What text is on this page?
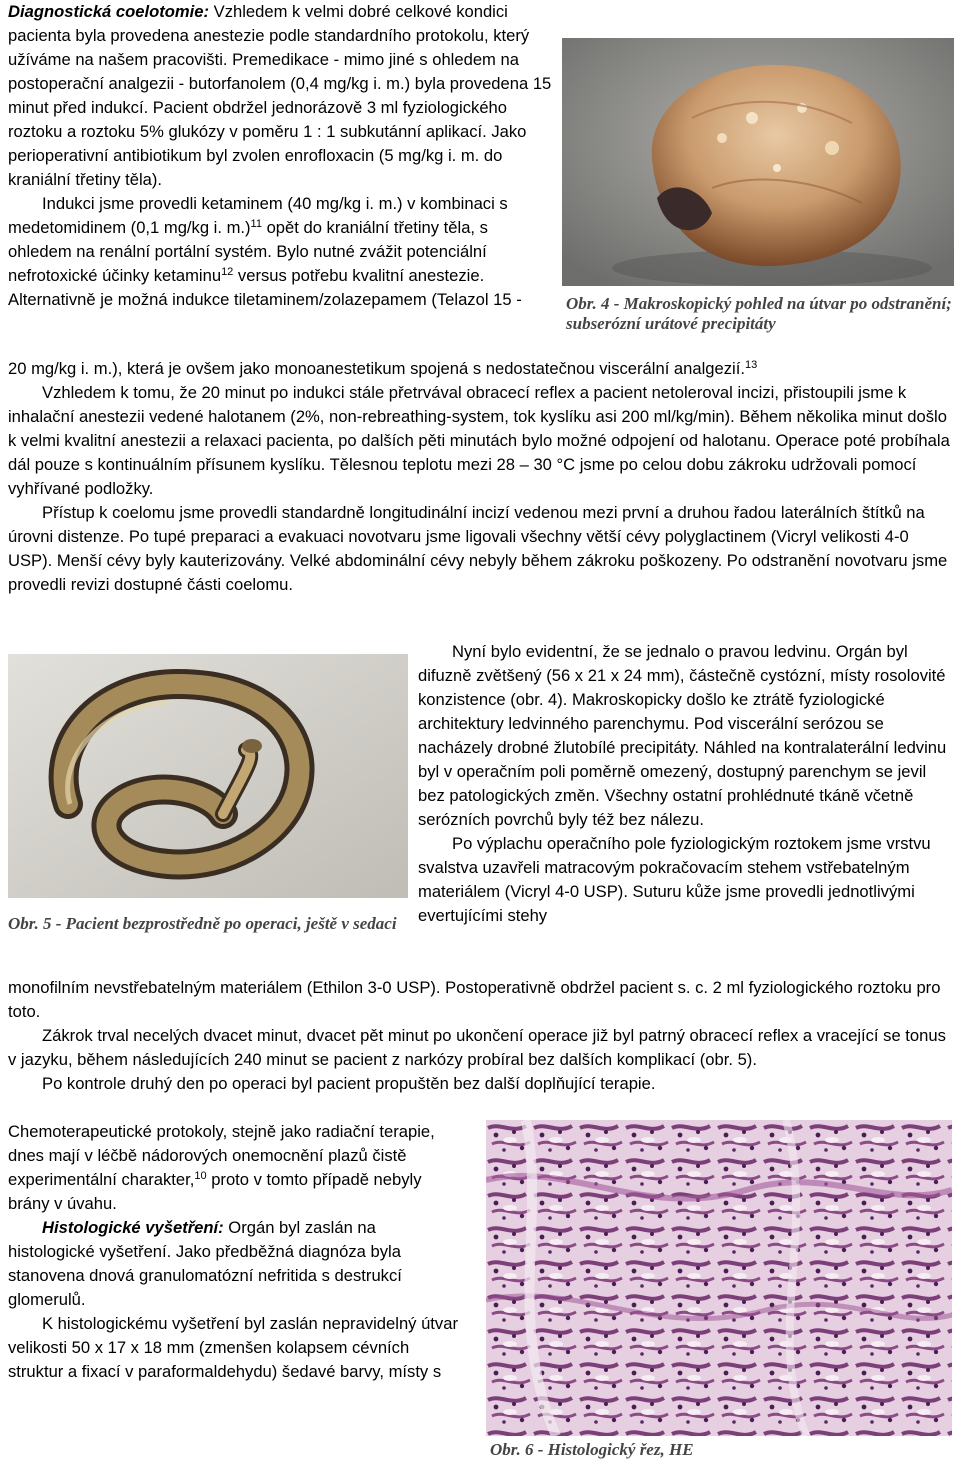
Diagnostická coelotomie: Vzhledem k velmi dobré celkové kondici pacienta byla provedena anestezie podle standardního protokolu, který užíváme na našem pracovišti. Premedikace - mimo jiné s ohledem na postoperační analgezii - butorfanolem (0,4 mg/kg i. m.) byla provedena 15 minut před indukcí. Pacient obdržel jednorázově 3 ml fyziologického roztoku a roztoku 5% glukózy v poměru 1 : 1 subkutánní aplikací. Jako perioperativní antibiotikum byl zvolen enrofloxacin (5 mg/kg i. m. do kraniální třetiny těla).

Indukci jsme provedli ketaminem (40 mg/kg i. m.) v kombinaci s medetomidinem (0,1 mg/kg i. m.)$^{11}$ opět do kraniální třetiny těla, s ohledem na renální portální systém. Bylo nutné zvážit potenciální nefrotoxické účinky ketaminu$^{12}$ versus potřebu kvalitní anestezie. Alternativně je možná indukce tiletaminem/zolazepamem (Telazol 15 -

20 mg/kg i. m.), která je ovšem jako monoanestetikum spojená s nedostatečnou viscerální analgezií.$^{13}$

Obr. 4 - Makroskopický pohled na útvar po odstranění; subserózní urátové precipitáty

Vzhledem k tomu, že 20 minut po indukci stále přetrvával obracecí reflex a pacient netoleroval incizi, přistoupili jsme k inhalační anestezii vedené halotanem (2%, non-rebreathing-system, tok kyslíku asi 200 ml/kg/min). Během několika minut došlo k velmi kvalitní anestezii a relaxaci pacienta, po dalších pěti minutách bylo možné odpojení od halotanu. Operace poté probíhala dál pouze s kontinuálním přísunem kyslíku. Tělesnou teplotu mezi 28 – 30 °C jsme po celou dobu zákroku udržovali pomocí vyhřívané podložky.

Přístup k coelomu jsme provedli standardně longitudinální incizí vedenou mezi první a druhou řadou laterálních štítků na úrovni distenze. Po tupé preparaci a evakuaci novotvaru jsme ligovali všechny větší cévy polyglactinem (Vicryl velikosti 4-0 USP). Menší cévy byly kauterizovány. Velké abdominální cévy nebyly během zákroku poškozeny. Po odstranění novotvaru jsme provedli revizi dostupné části coelomu.

Obr. 5 - Pacient bezprostředně po operaci, ještě v sedaci

Nyní bylo evidentní, že se jednalo o pravou ledvinu. Orgán byl difuzně zvětšený (56 x 21 x 24 mm), částečně cystózní, místy rosolovité konzistence (obr. 4). Makroskopicky došlo ke ztrátě fyziologické architektury ledvinného parenchymu. Pod viscerální serózou se nacházely drobné žlutobílé precipitáty. Náhled na kontralaterální ledvinu byl v operačním poli poměrně omezený, dostupný parenchym se jevil bez patologických změn. Všechny ostatní prohlédnuté tkáně včetně serózních povrchů byly též bez nálezu.

Po výplachu operačního pole fyziologickým roztokem jsme vrstvu svalstva uzavřeli matracovým pokračovacím stehem vstřebatelným materiálem (Vicryl 4-0 USP). Suturu kůže jsme provedli jednotlivými evertujícími stehy

monofilním nevstřebatelným materiálem (Ethilon 3-0 USP). Postoperativně obdržel pacient s. c. 2 ml fyziologického roztoku pro toto.

Zákrok trval necelých dvacet minut, dvacet pět minut po ukončení operace již byl patrný obracecí reflex a vracející se tonus v jazyku, během následujících 240 minut se pacient z narkózy probíral bez dalších komplikací (obr. 5).

Po kontrole druhý den po operaci byl pacient propuštěn bez další doplňující terapie.

Chemoterapeutické protokoly, stejně jako radiační terapie, dnes mají v léčbě nádorových onemocnění plazů čistě experimentální charakter,$^{10}$ proto v tomto případě nebyly brány v úvahu.

Histologické vyšetření: Orgán byl zaslán na histologické vyšetření. Jako předběžná diagnóza byla stanovena dnová granulomatózní nefritida s destrukcí glomerulů.

K histologickému vyšetření byl zaslán nepravidelný útvar velikosti 50 x 17 x 18 mm (zmenšen kolapsem cévních struktur a fixací v paraformaldehydu) šedavé barvy, místy s

Obr. 6 - Histologický řez, HE
